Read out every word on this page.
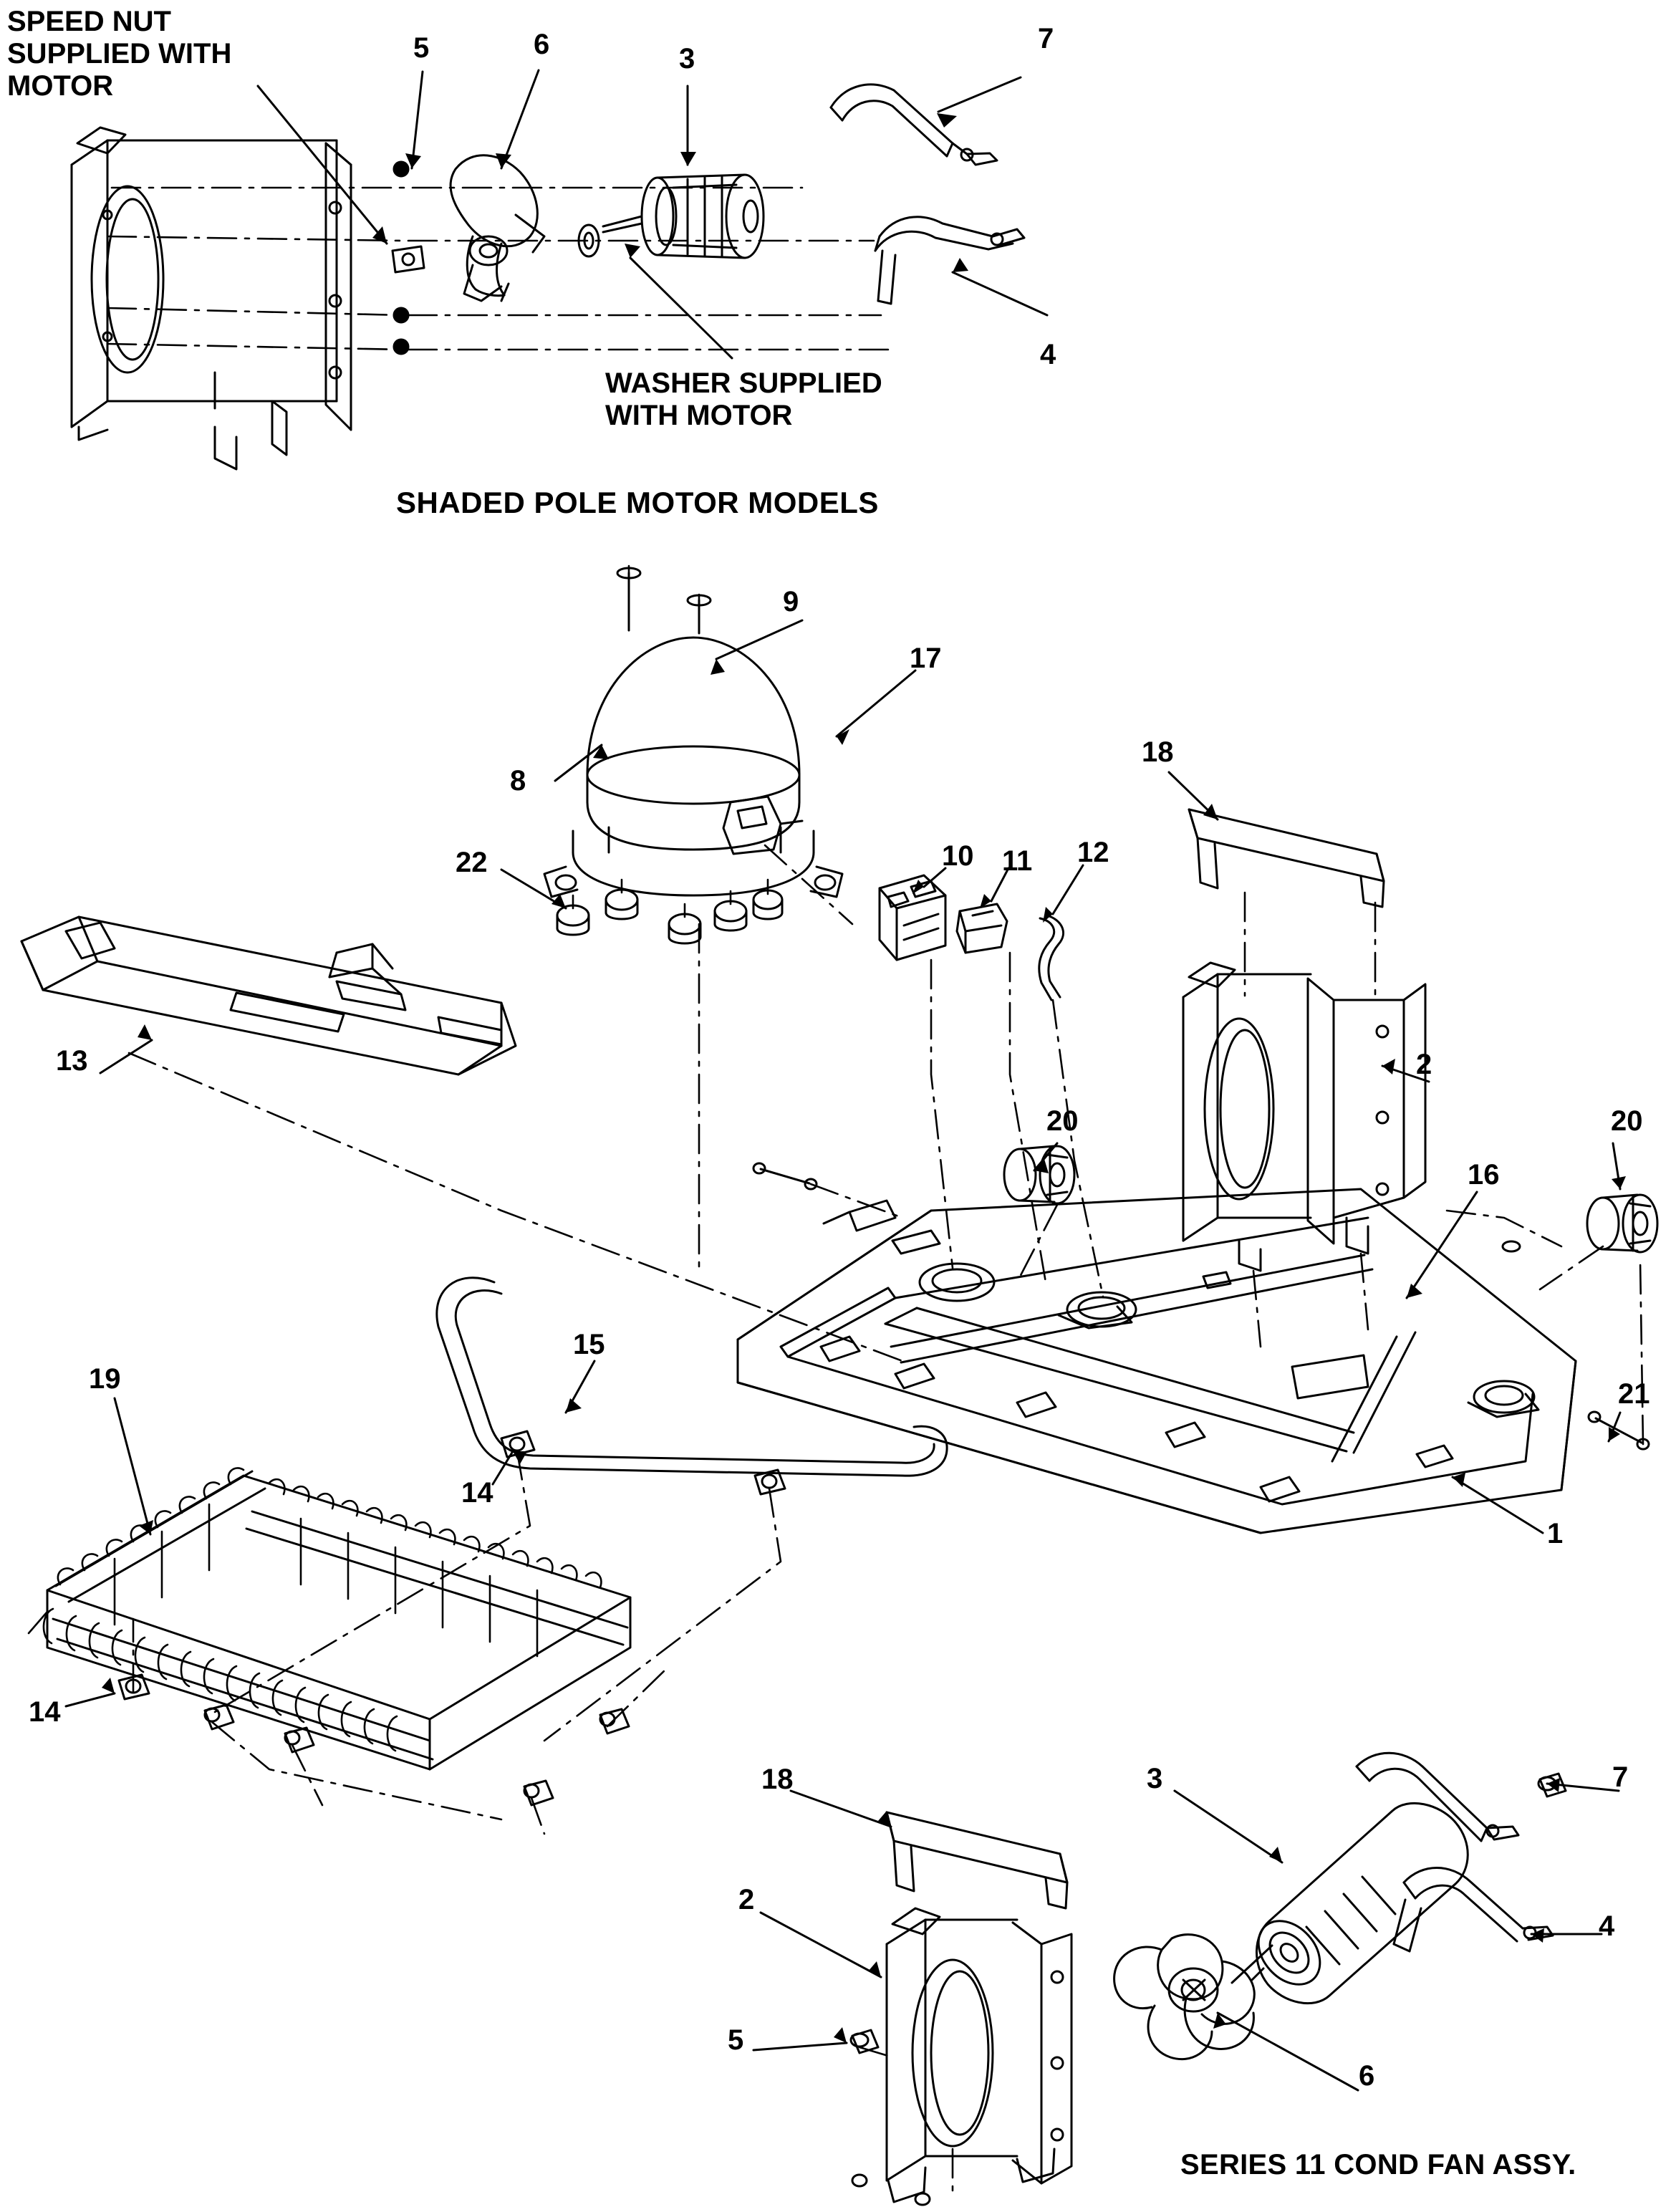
SPEED NUT
SUPPLIED WITH
MOTOR
WASHER SUPPLIED
WITH MOTOR
SHADED POLE MOTOR MODELS
SERIES 11 COND FAN ASSY.
5	6	3
7
4
9
17
18
8
22	10 11 12
2
13
20	20
16
15
21
19
14
1
14
18	3	7
4
2
5
6
